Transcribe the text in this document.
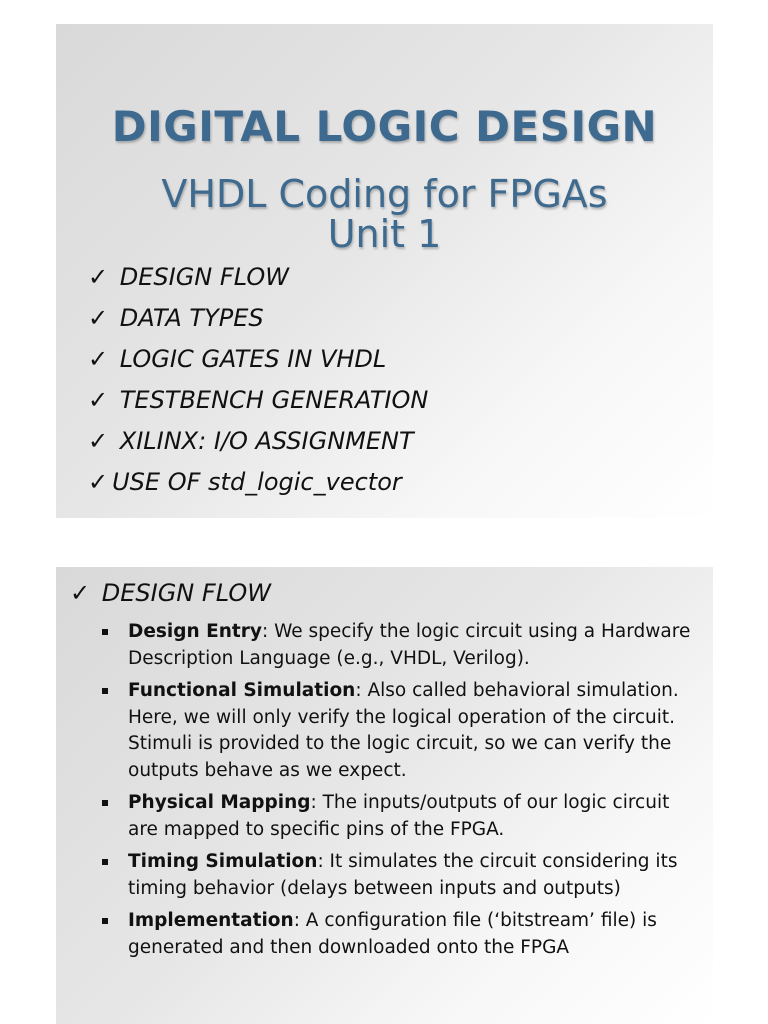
DIGITAL LOGIC DESIGN
VHDL Coding for FPGAs
Unit 1
✓ DESIGN FLOW
✓ DATA TYPES
✓ LOGIC GATES IN VHDL
✓ TESTBENCH GENERATION
✓ XILINX: I/O ASSIGNMENT
✓ USE OF std_logic_vector
✓ DESIGN FLOW
Design Entry: We specify the logic circuit using a Hardware Description Language (e.g., VHDL, Verilog).
Functional Simulation: Also called behavioral simulation. Here, we will only verify the logical operation of the circuit. Stimuli is provided to the logic circuit, so we can verify the outputs behave as we expect.
Physical Mapping: The inputs/outputs of our logic circuit are mapped to specific pins of the FPGA.
Timing Simulation: It simulates the circuit considering its timing behavior (delays between inputs and outputs)
Implementation: A configuration file (‘bitstream’ file) is generated and then downloaded onto the FPGA
